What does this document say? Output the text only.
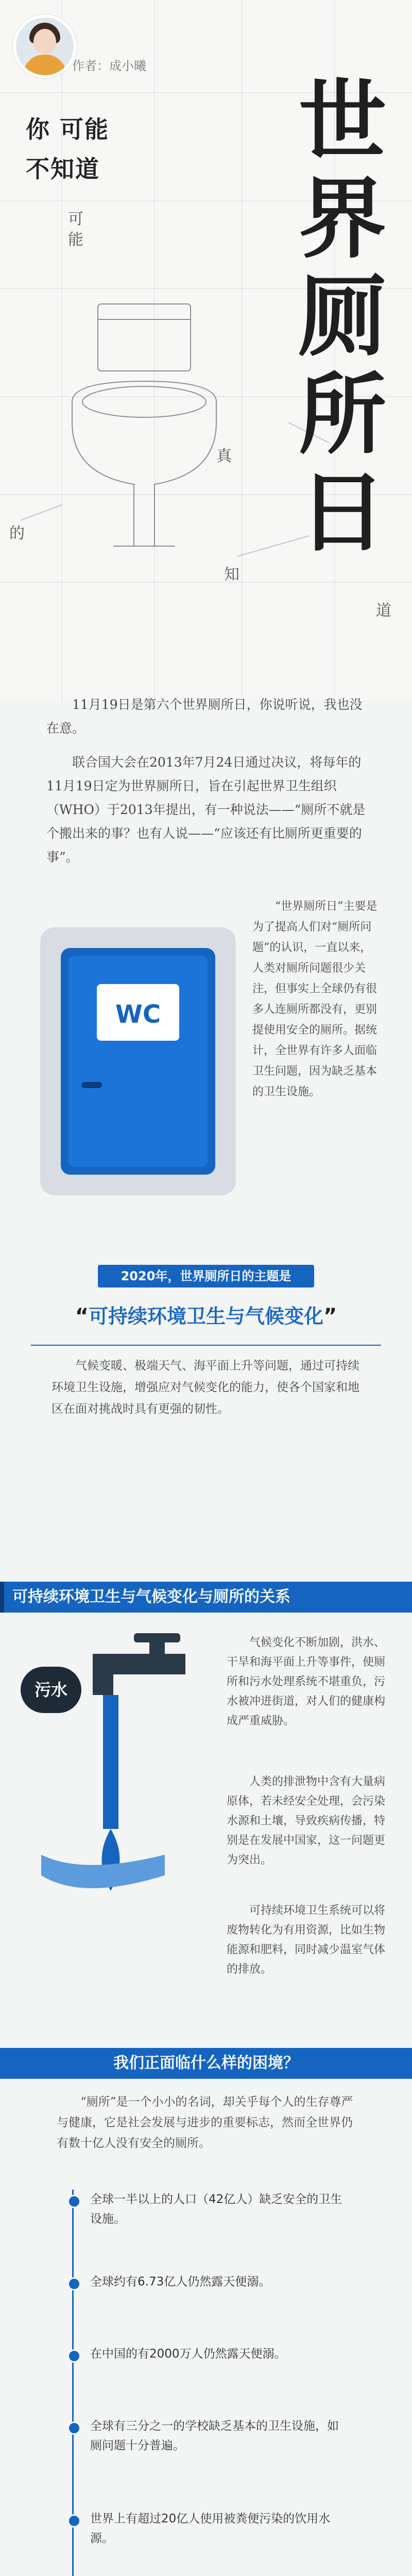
作者：成小曦
你 可能
不知道 世
界
厕
所
日
可
能
真
知
道
的

11月19日是第六个世界厕所日，你说听说，我也没在意。

联合国大会在2013年7月24日通过决议，将每年的11月19日定为世界厕所日，旨在引起世界卫生组织（WHO）于2013年提出，有一种说法——“厕所不就是个搬出来的事？也有人说——“应该还有比厕所更重要的事”。

WC

“世界厕所日”主要是为了提高人们对“厕所问题”的认识，一直以来，人类对厕所问题很少关注，但事实上全球仍有很多人连厕所都没有，更别提使用安全的厕所。据统计，全世界有许多人面临卫生问题，因为缺乏基本的卫生设施。

2020年，世界厕所日的主题是
“可持续环境卫生与气候变化”
气候变暖、极端天气、海平面上升等问题，通过可持续环境卫生设施，增强应对气候变化的能力，使各个国家和地区在面对挑战时具有更强的韧性。
可持续环境卫生与气候变化与厕所的关系
污水
气候变化不断加剧，洪水、干旱和海平面上升等事件，使厕所和污水处理系统不堪重负，污水被冲进街道，对人们的健康构成严重威胁。
人类的排泄物中含有大量病原体，若未经安全处理，会污染水源和土壤，导致疾病传播，特别是在发展中国家，这一问题更为突出。
可持续环境卫生系统可以将废物转化为有用资源，比如生物能源和肥料，同时减少温室气体的排放。
我们正面临什么样的困境？
“厕所”是一个小小的名词，却关乎每个人的生存尊严与健康，它是社会发展与进步的重要标志，然而全世界仍有数十亿人没有安全的厕所。
全球一半以上的人口（42亿人）缺乏安全的卫生设施。
全球约有6.73亿人仍然露天便溺。
在中国的有2000万人仍然露天便溺。
全球有三分之一的学校缺乏基本的卫生设施，如厕问题十分普遍。
世界上有超过20亿人使用被粪便污染的饮用水源。
